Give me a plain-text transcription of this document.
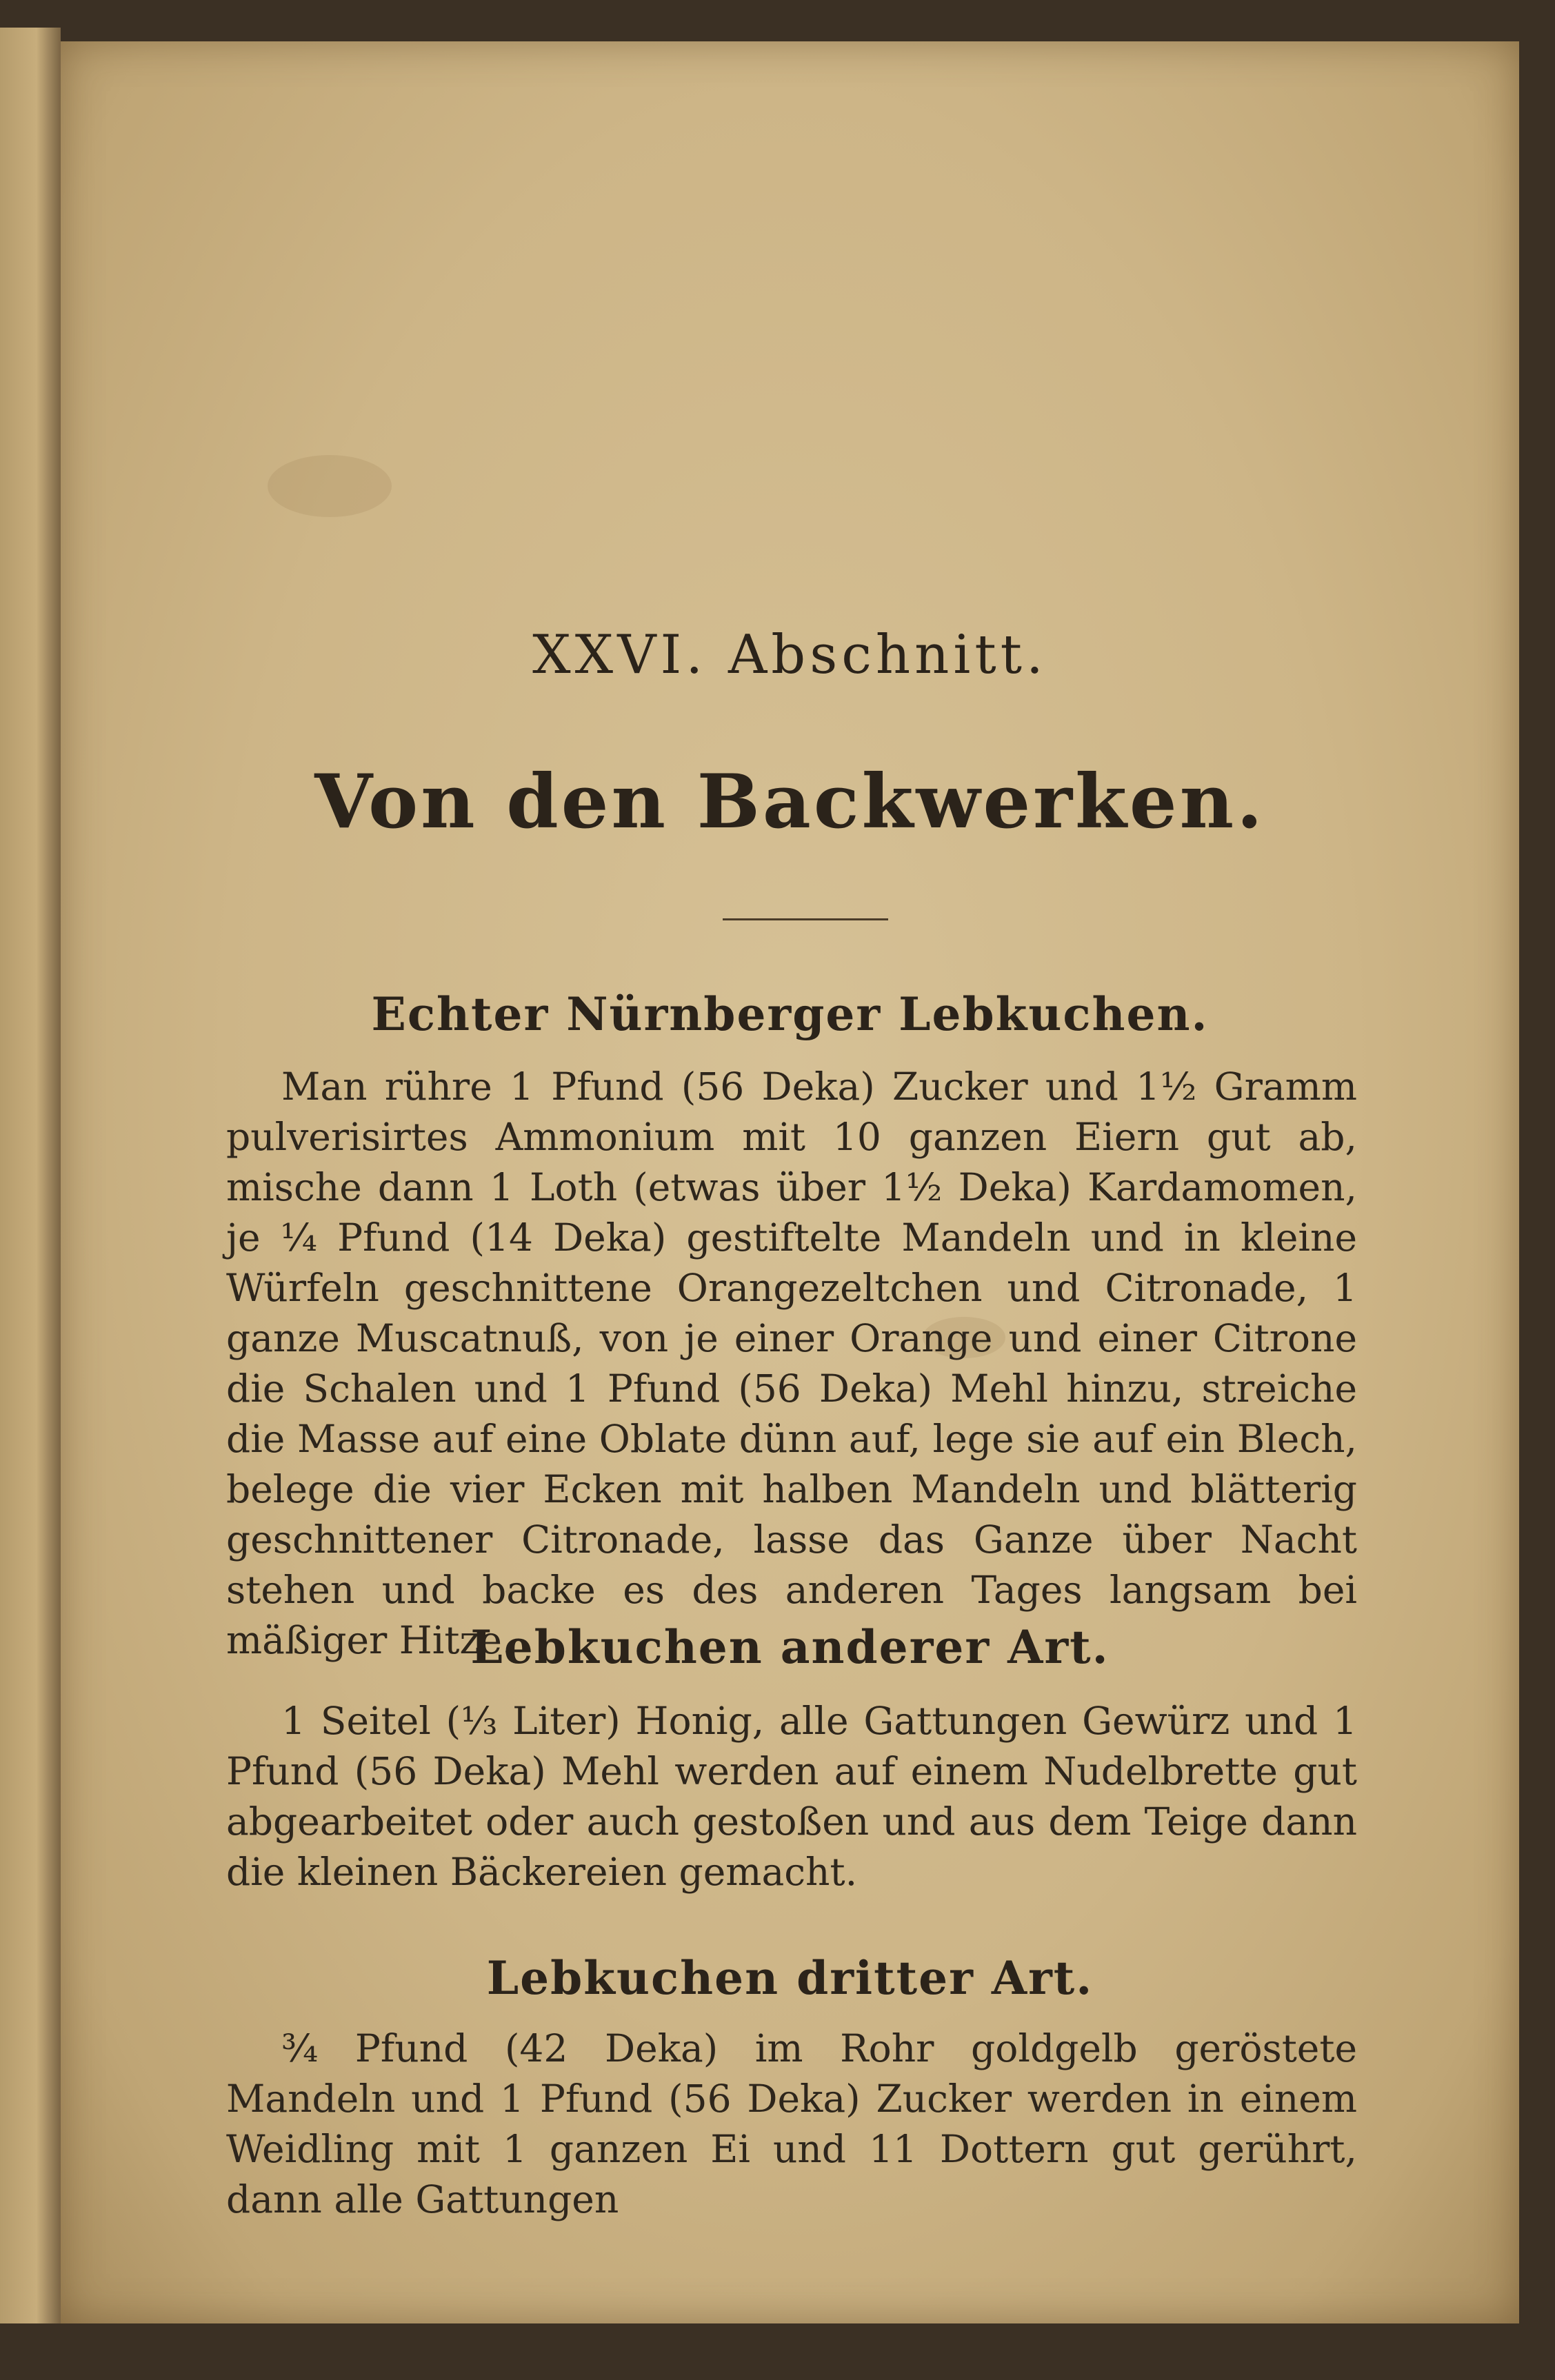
XXVI. Abschnitt.
Von den Backwerken.
Echter Nürnberger Lebkuchen.
Man rühre 1 Pfund (56 Deka) Zucker und 1½ Gramm pulverisirtes Ammonium mit 10 ganzen Eiern gut ab, mische dann 1 Loth (etwas über 1½ Deka) Kardamomen, je ¼ Pfund (14 Deka) gestiftelte Mandeln und in kleine Würfeln geschnittene Orangezeltchen und Citronade, 1 ganze Muscatnuß, von je einer Orange und einer Citrone die Schalen und 1 Pfund (56 Deka) Mehl hinzu, streiche die Masse auf eine Oblate dünn auf, lege sie auf ein Blech, belege die vier Ecken mit halben Mandeln und blätterig geschnittener Citronade, lasse das Ganze über Nacht stehen und backe es des anderen Tages langsam bei mäßiger Hitze.
Lebkuchen anderer Art.
1 Seitel (⅓ Liter) Honig, alle Gattungen Gewürz und 1 Pfund (56 Deka) Mehl werden auf einem Nudelbrette gut abgearbeitet oder auch gestoßen und aus dem Teige dann die kleinen Bäckereien gemacht.
Lebkuchen dritter Art.
¾ Pfund (42 Deka) im Rohr goldgelb geröstete Mandeln und 1 Pfund (56 Deka) Zucker werden in einem Weidling mit 1 ganzen Ei und 11 Dottern gut gerührt, dann alle Gattungen
